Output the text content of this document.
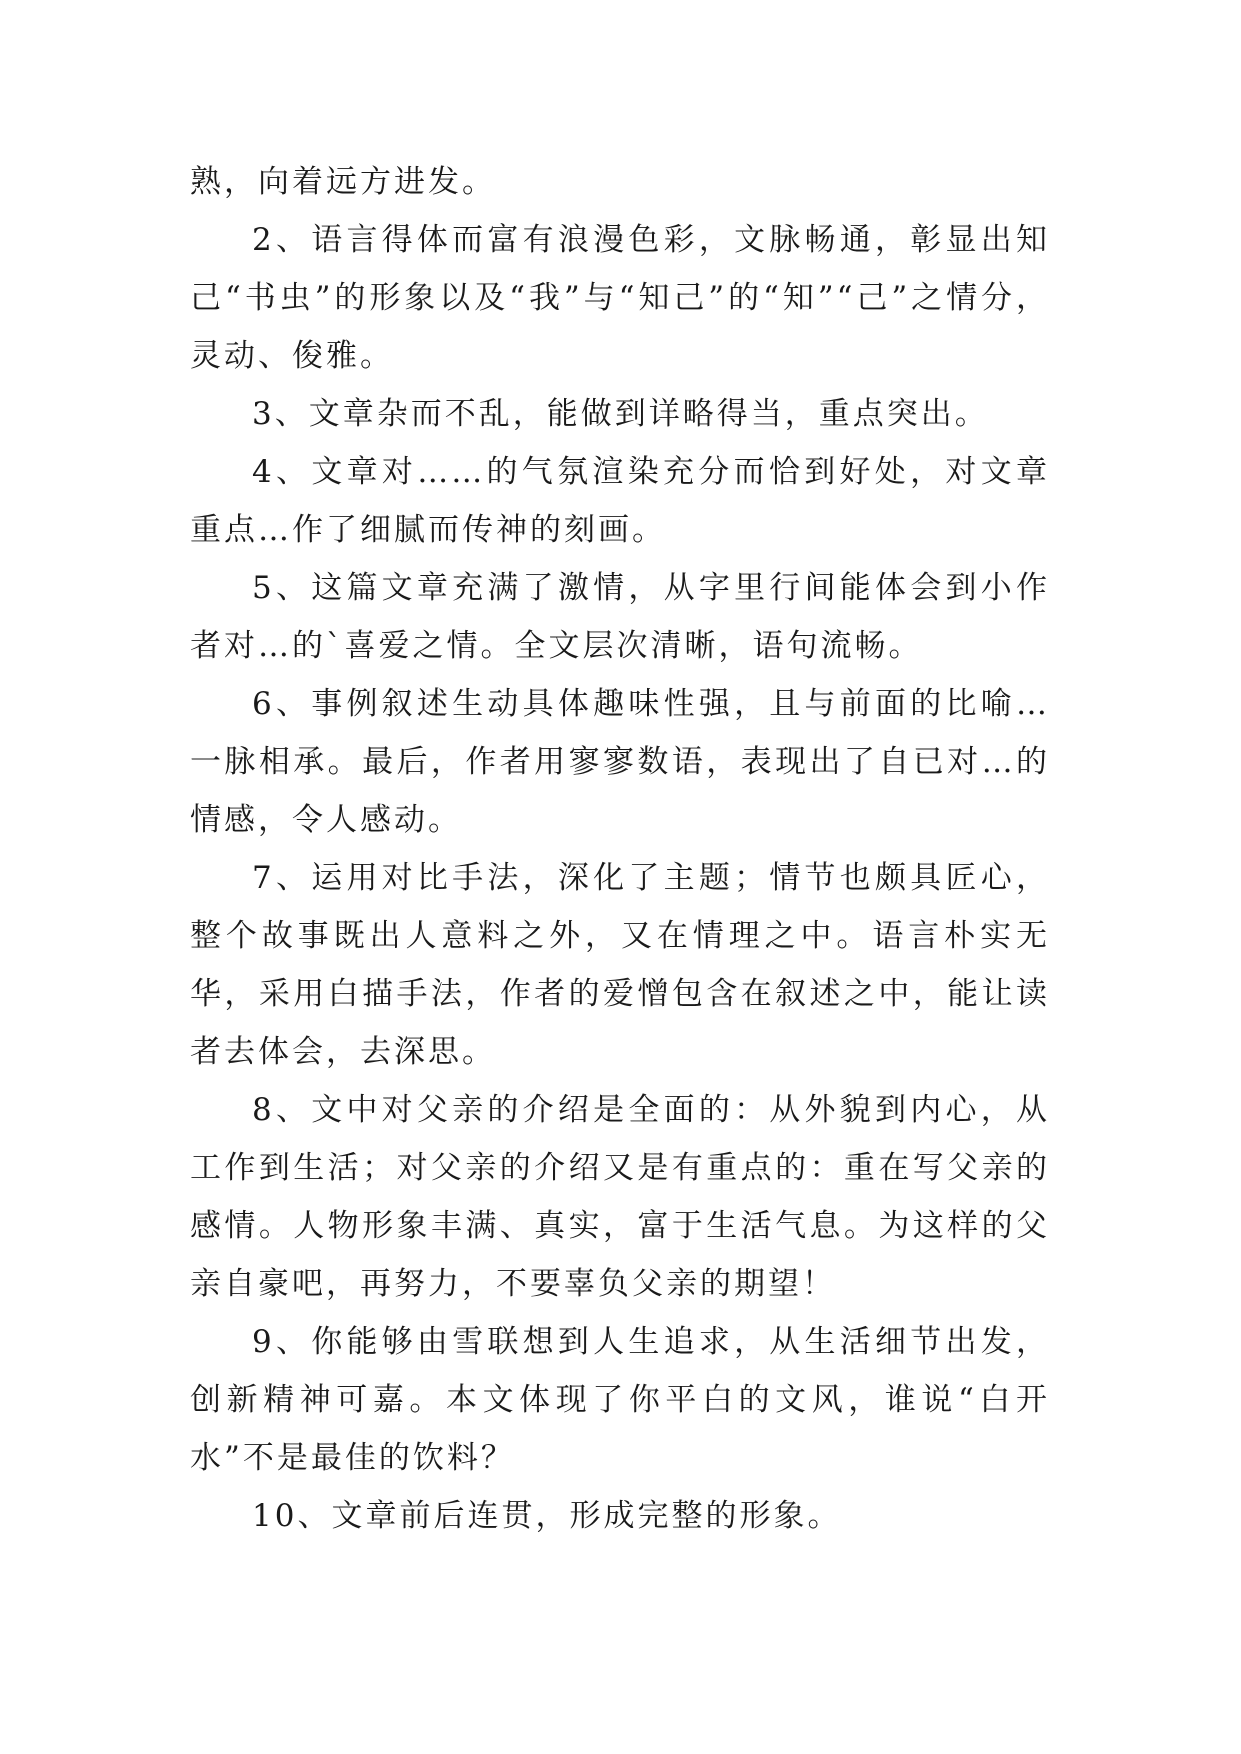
熟，向着远方进发。

2、语言得体而富有浪漫色彩，文脉畅通，彰显出知己“书虫”的形象以及“我”与“知己”的“知”“己”之情分，灵动、俊雅。

3、文章杂而不乱，能做到详略得当，重点突出。

4、文章对……的气氛渲染充分而恰到好处，对文章重点…作了细腻而传神的刻画。

5、这篇文章充满了激情，从字里行间能体会到小作者对…的`喜爱之情。全文层次清晰，语句流畅。

6、事例叙述生动具体趣味性强，且与前面的比喻…一脉相承。最后，作者用寥寥数语，表现出了自已对…的情感，令人感动。

7、运用对比手法，深化了主题；情节也颇具匠心，整个故事既出人意料之外，又在情理之中。语言朴实无华，采用白描手法，作者的爱憎包含在叙述之中，能让读者去体会，去深思。

8、文中对父亲的介绍是全面的：从外貌到内心，从工作到生活；对父亲的介绍又是有重点的：重在写父亲的感情。人物形象丰满、真实，富于生活气息。为这样的父亲自豪吧，再努力，不要辜负父亲的期望！

9、你能够由雪联想到人生追求，从生活细节出发，创新精神可嘉。本文体现了你平白的文风，谁说“白开水”不是最佳的饮料？

10、文章前后连贯，形成完整的形象。
